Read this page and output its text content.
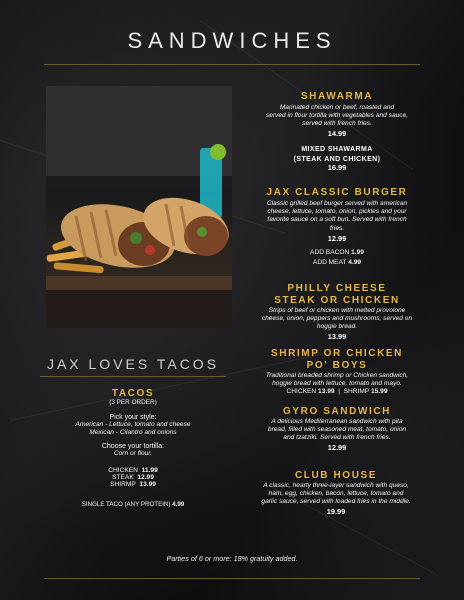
SANDWICHES
SHAWARMA
Marinated chicken or beef, roasted and
served in flour tortilla with vegetables and sauce,
served with french fries.
14.99
MIXED SHAWARMA
(STEAK AND CHICKEN)
16.99
JAX CLASSIC BURGER
Classic grilled beef burger served with american
cheese, lettuce, tomato, onion, pickles and your
favorite sauce on a soft bun. Served with french
fries.
12.99
ADD BACON 1.99
ADD MEAT 4.99
PHILLY CHEESE
STEAK OR CHICKEN
Strips of beef or chicken with melted provolone
cheese, onion, peppers and mushrooms, served on
hoggie bread.
13.99
SHRIMP OR CHICKEN
PO' BOYS
Traditional breaded shrimp or Chicken sandwich,
hoggie bread with lettuce, tomato and mayo.
CHICKEN 13.99 | SHRIMP 15.99
GYRO SANDWICH
A delicious Mediterranean sandwich with pita
bread, filled with seasoned meat, tomato, onion
and tzatziki. Served with french fries.
12.99
CLUB HOUSE
A classic, hearty three-layer sandwich with queso,
ham, egg, chicken, bacon, lettuce, tomato and
garlic sauce, served with loaded fries in the middle.
19.99
JAX LOVES TACOS
TACOS
(3 PER ORDER)
Pick your style:
American - Lettuce, tomato and cheese
Mexican - Cilantro and onions
Choose your tortilla:
Corn or flour.
CHICKEN 11.99
STEAK 12.99
SHIRMP 13.99
SINGLE TACO (ANY PROTEIN) 4.99
Parties of 6 or more: 18% gratuity added.
